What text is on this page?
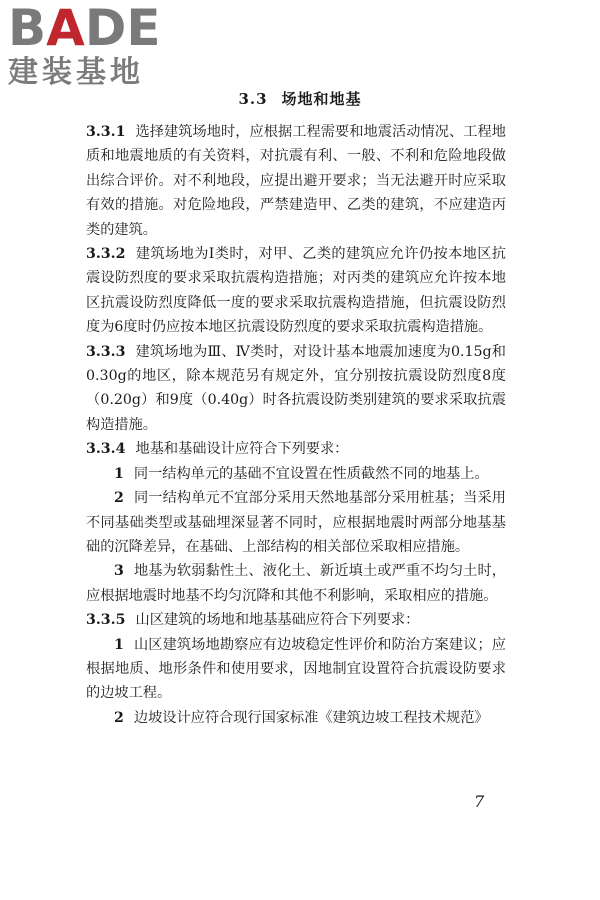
B A DE
建装基地
3.3 场地和地基

3.3.1 选择建筑场地时，应根据工程需要和地震活动情况、工程地质和地震地质的有关资料，对抗震有利、一般、不利和危险地段做出综合评价。对不利地段，应提出避开要求；当无法避开时应采取有效的措施。对危险地段，严禁建造甲、乙类的建筑，不应建造丙类的建筑。

3.3.2 建筑场地为Ⅰ类时，对甲、乙类的建筑应允许仍按本地区抗震设防烈度的要求采取抗震构造措施；对丙类的建筑应允许按本地区抗震设防烈度降低一度的要求采取抗震构造措施，但抗震设防烈度为6度时仍应按本地区抗震设防烈度的要求采取抗震构造措施。

3.3.3 建筑场地为Ⅲ、Ⅳ类时，对设计基本地震加速度为0.15g和0.30g的地区，除本规范另有规定外，宜分别按抗震设防烈度8度（0.20g）和9度（0.40g）时各抗震设防类别建筑的要求采取抗震构造措施。

3.3.4 地基和基础设计应符合下列要求：

1 同一结构单元的基础不宜设置在性质截然不同的地基上。

2 同一结构单元不宜部分采用天然地基部分采用桩基；当采用不同基础类型或基础埋深显著不同时，应根据地震时两部分地基基础的沉降差异，在基础、上部结构的相关部位采取相应措施。

3 地基为软弱黏性土、液化土、新近填土或严重不均匀土时，应根据地震时地基不均匀沉降和其他不利影响，采取相应的措施。

3.3.5 山区建筑的场地和地基基础应符合下列要求：

1 山区建筑场地勘察应有边坡稳定性评价和防治方案建议；应根据地质、地形条件和使用要求，因地制宜设置符合抗震设防要求的边坡工程。

2 边坡设计应符合现行国家标准《建筑边坡工程技术规范》

7
